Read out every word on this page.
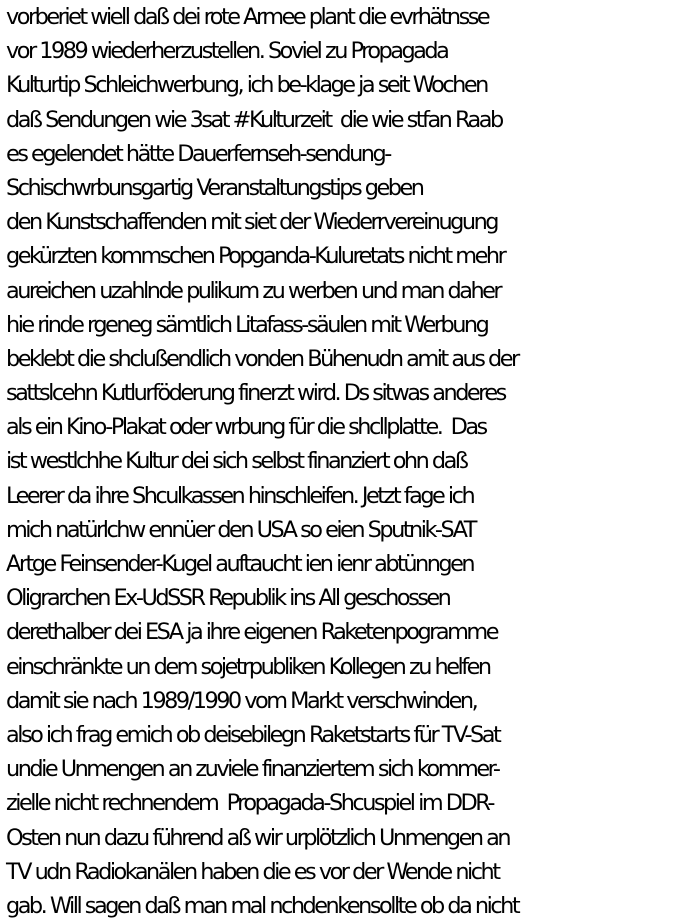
vorberiet wiell daß dei rote Armee plant die evrhätnsse
vor 1989 wiederherzustellen. Soviel zu Propagada
Kulturtip Schleichwerbung, ich be-klage ja seit Wochen
daß Sendungen wie 3sat #Kulturzeit  die wie stfan Raab
es egelendet hätte Dauerfernseh-sendung-
Schischwrbunsgartig Veranstaltungstips geben
den Kunstschaffenden mit siet der Wiederrvereinugung
gekürzten kommschen Popganda-Kuluretats nicht mehr
aureichen uzahlnde pulikum zu werben und man daher
hie rinde rgeneg sämtlich Litafass-säulen mit Werbung
beklebt die shclußendlich vonden Bühenudn amit aus der
sattslcehn Kutlurföderung finerzt wird. Ds sitwas anderes
als ein Kino-Plakat oder wrbung für die shcllplatte.  Das
ist westlchhe Kultur dei sich selbst finanziert ohn daß
Leerer da ihre Shculkassen hinschleifen. Jetzt fage ich
mich natürlchw ennüer den USA so eien Sputnik-SAT
Artge Feinsender-Kugel auftaucht ien ienr abtünngen
Oligrarchen Ex-UdSSR Republik ins All geschossen
derethalber dei ESA ja ihre eigenen Raketenpogramme
einschränkte un dem sojetrpubliken Kollegen zu helfen
damit sie nach 1989/1990 vom Markt verschwinden,
also ich frag emich ob deisebilegn Raketstarts für TV-Sat
undie Unmengen an zuviele finanziertem sich kommer-
zielle nicht rechnendem  Propagada-Shcuspiel im DDR-
Osten nun dazu führend aß wir urplötzlich Unmengen an
TV udn Radiokanälen haben die es vor der Wende nicht
gab. Will sagen daß man mal nchdenkensollte ob da nicht
